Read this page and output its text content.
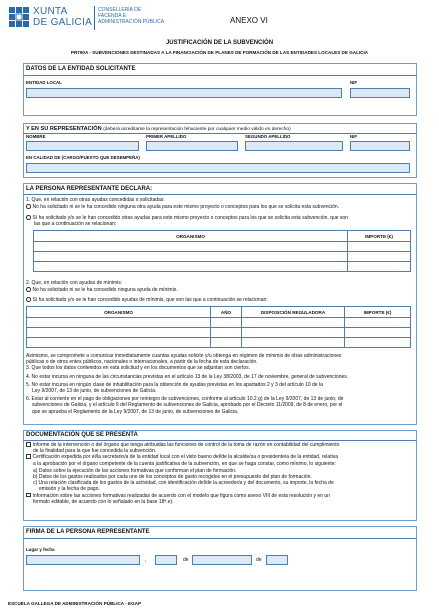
XUNTA
DE GALICIA
CONSELLERÍA DE
FACENDA E
ADMINISTRACIÓN PÚBLICA	ANEXO VI
JUSTIFICACIÓN DE LA SUBVENCIÓN
PR790A - SUBVENCIONES DESTINADAS A LA FINANCIACIÓN DE PLANES DE FORMACIÓN DE LAS ENTIDADES LOCALES DE GALICIA
DATOS DE LA ENTIDAD SOLICITANTE
ENTIDAD LOCAL	NIF
Y EN SU REPRESENTACIÓN (deberá acreditarse la representación fehaciente por cualquier medio válido en derecho)
NOMBRE	PRIMER APELLIDO	SEGUNDO APELLIDO	NIF
EN CALIDAD DE (CARGO/PUESTO QUE DESEMPEÑA)
LA PERSONA REPRESENTANTE DECLARA:
1. Que, en relación con otras ayudas concedidas o solicitadas:
No ha solicitado ni se le ha concedido ninguna otra ayuda para este mismo proyecto o conceptos para los que se solicita esta subvención.
Sí ha solicitado y/o se le han concedido otras ayudas para este mismo proyecto o conceptos para los que se solicita esta subvención, que son
las que a continuación se relacionan:
ORGANISMO	IMPORTE (€)

2. Que, en relación con ayudas de mínimis:
No ha solicitado ni se le ha concedido ninguna ayuda de mínimis.
Sí ha solicitado y/o se le han concedido ayudas de mínimis, que son las que a continuación se relacionan:
ORGANISMO	AÑO	DISPOSICIÓN REGULADORA	IMPORTE (€)

Asimismo, se compromete a comunicar inmediatamente cuantas ayudas solicite y/u obtenga en régimen de mínimis de otras administraciones
públicas o de otros entes públicos, nacionales o internacionales, a partir de la fecha de esta declaración.
3. Que todos los datos contenidos en esta solicitud y en los documentos que se adjuntan son ciertos.
4. No estar incursa en ninguna de las circunstancias previstas en el artículo 13 de la Ley 38/2003, de 17 de noviembre, general de subvenciones.
5. No estar incursa en ningún clase de inhabilitación para la obtención de ayudas previstas en los apartados 2 y 3 del artículo 10 de la
Ley 9/2007, de 13 de junio, de subvenciones de Galicia.
6. Estar al corriente en el pago de obligaciones por reintegro de subvenciones, conforme al artículo 10.2.g) de la Ley 9/2007, de 13 de junio, de
subvenciones de Galicia, y el artículo 9 del Reglamento de subvenciones de Galicia, aprobado por el Decreto 11/2009, de 8 de enero, por el
que se aprueba el Reglamento de la Ley 9/2007, de 13 de junio, de subvenciones de Galicia.
DOCUMENTACIÓN QUE SE PRESENTA
Informe de la intervención o del órgano que tenga atribuidas las funciones de control de la toma de razón en contabilidad del cumplimiento
de la finalidad para la que fue concedida la subvención.
Certificación expedida por el/la secretario/a de la entidad local con el visto bueno del/de la alcalde/sa o presidente/a de la entidad, relativa
a la aprobación por el órgano competente de la cuenta justificativa de la subvención, en que se haga constar, como mínimo, lo siguiente:
a) Datos sobre la ejecución de las acciones formativas que conforman el plan de formación.
b) Datos de los gastos realizados por cada uno de los conceptos de gasto recogidos en el presupuesto del plan de formación.
c) Una relación clasificada de los gastos de la actividad, con identificación del/de la acreedor/a y del documento, su importe, la fecha de
emisión y la fecha de pago.
Información sobre las acciones formativas realizadas de acuerdo con el modelo que figura como anexo VIII de esta resolución y en un
formato editable, de acuerdo con lo señalado en la base 18ª.e).
FIRMA DE LA PERSONA REPRESENTANTE
Lugar y fecha
,	de	de
ESCUELA GALLEGA DE ADMINISTRACIÓN PÚBLICA - EGAP
